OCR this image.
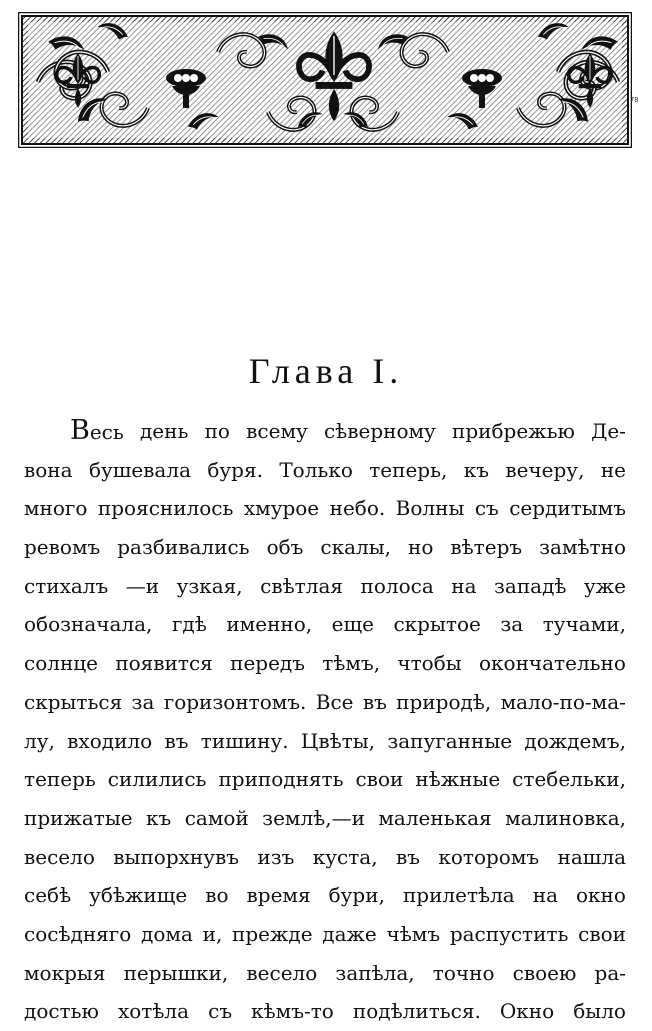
78
Глава I.
Весь день по всему сѣверному прибрежью Де-
вона бушевала буря. Только теперь, къ вечеру, не
много прояснилось хмурое небо. Волны съ сердитымъ
ревомъ разбивались объ скалы, но вѣтеръ замѣтно
стихалъ —и узкая, свѣтлая полоса на западѣ уже
обозначала, гдѣ именно, еще скрытое за тучами,
солнце появится передъ тѣмъ, чтобы окончательно
скрыться за горизонтомъ. Все въ природѣ, мало-по-ма-
лу, входило въ тишину. Цвѣты, запуганные дождемъ,
теперь силились приподнять свои нѣжные стебельки,
прижатые къ самой землѣ,—и маленькая малиновка,
весело выпорхнувъ изъ куста, въ которомъ нашла
себѣ убѣжище во время бури, прилетѣла на окно
сосѣдняго дома и, прежде даже чѣмъ распустить свои
мокрыя перышки, весело запѣла, точно своею ра-
достью хотѣла съ кѣмъ-то подѣлиться. Окно было
